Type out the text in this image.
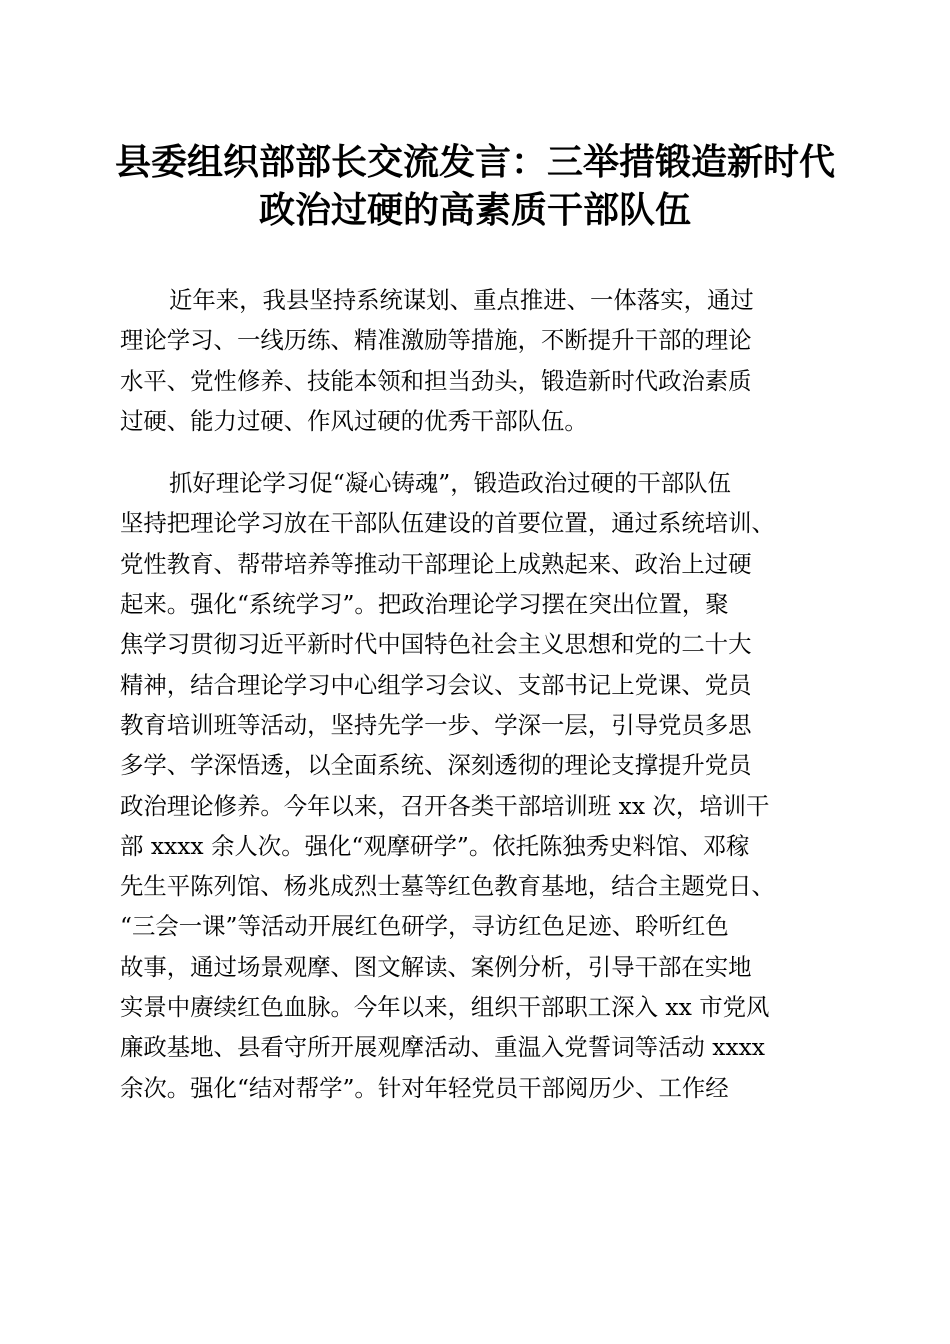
县委组织部部长交流发言：三举措锻造新时代
政治过硬的高素质干部队伍
近年来，我县坚持系统谋划、重点推进、一体落实，通过
理论学习、一线历练、精准激励等措施，不断提升干部的理论
水平、党性修养、技能本领和担当劲头，锻造新时代政治素质
过硬、能力过硬、作风过硬的优秀干部队伍。
抓好理论学习促“凝心铸魂”，锻造政治过硬的干部队伍
坚持把理论学习放在干部队伍建设的首要位置，通过系统培训、
党性教育、帮带培养等推动干部理论上成熟起来、政治上过硬
起来。强化“系统学习”。把政治理论学习摆在突出位置，聚
焦学习贯彻习近平新时代中国特色社会主义思想和党的二十大
精神，结合理论学习中心组学习会议、支部书记上党课、党员
教育培训班等活动，坚持先学一步、学深一层，引导党员多思
多学、学深悟透，以全面系统、深刻透彻的理论支撑提升党员
政治理论修养。今年以来，召开各类干部培训班 xx 次，培训干
部 xxxx 余人次。强化“观摩研学”。依托陈独秀史料馆、邓稼
先生平陈列馆、杨兆成烈士墓等红色教育基地，结合主题党日、
“三会一课”等活动开展红色研学，寻访红色足迹、聆听红色
故事，通过场景观摩、图文解读、案例分析，引导干部在实地
实景中赓续红色血脉。今年以来，组织干部职工深入 xx 市党风
廉政基地、县看守所开展观摩活动、重温入党誓词等活动 xxxx
余次。强化“结对帮学”。针对年轻党员干部阅历少、工作经
